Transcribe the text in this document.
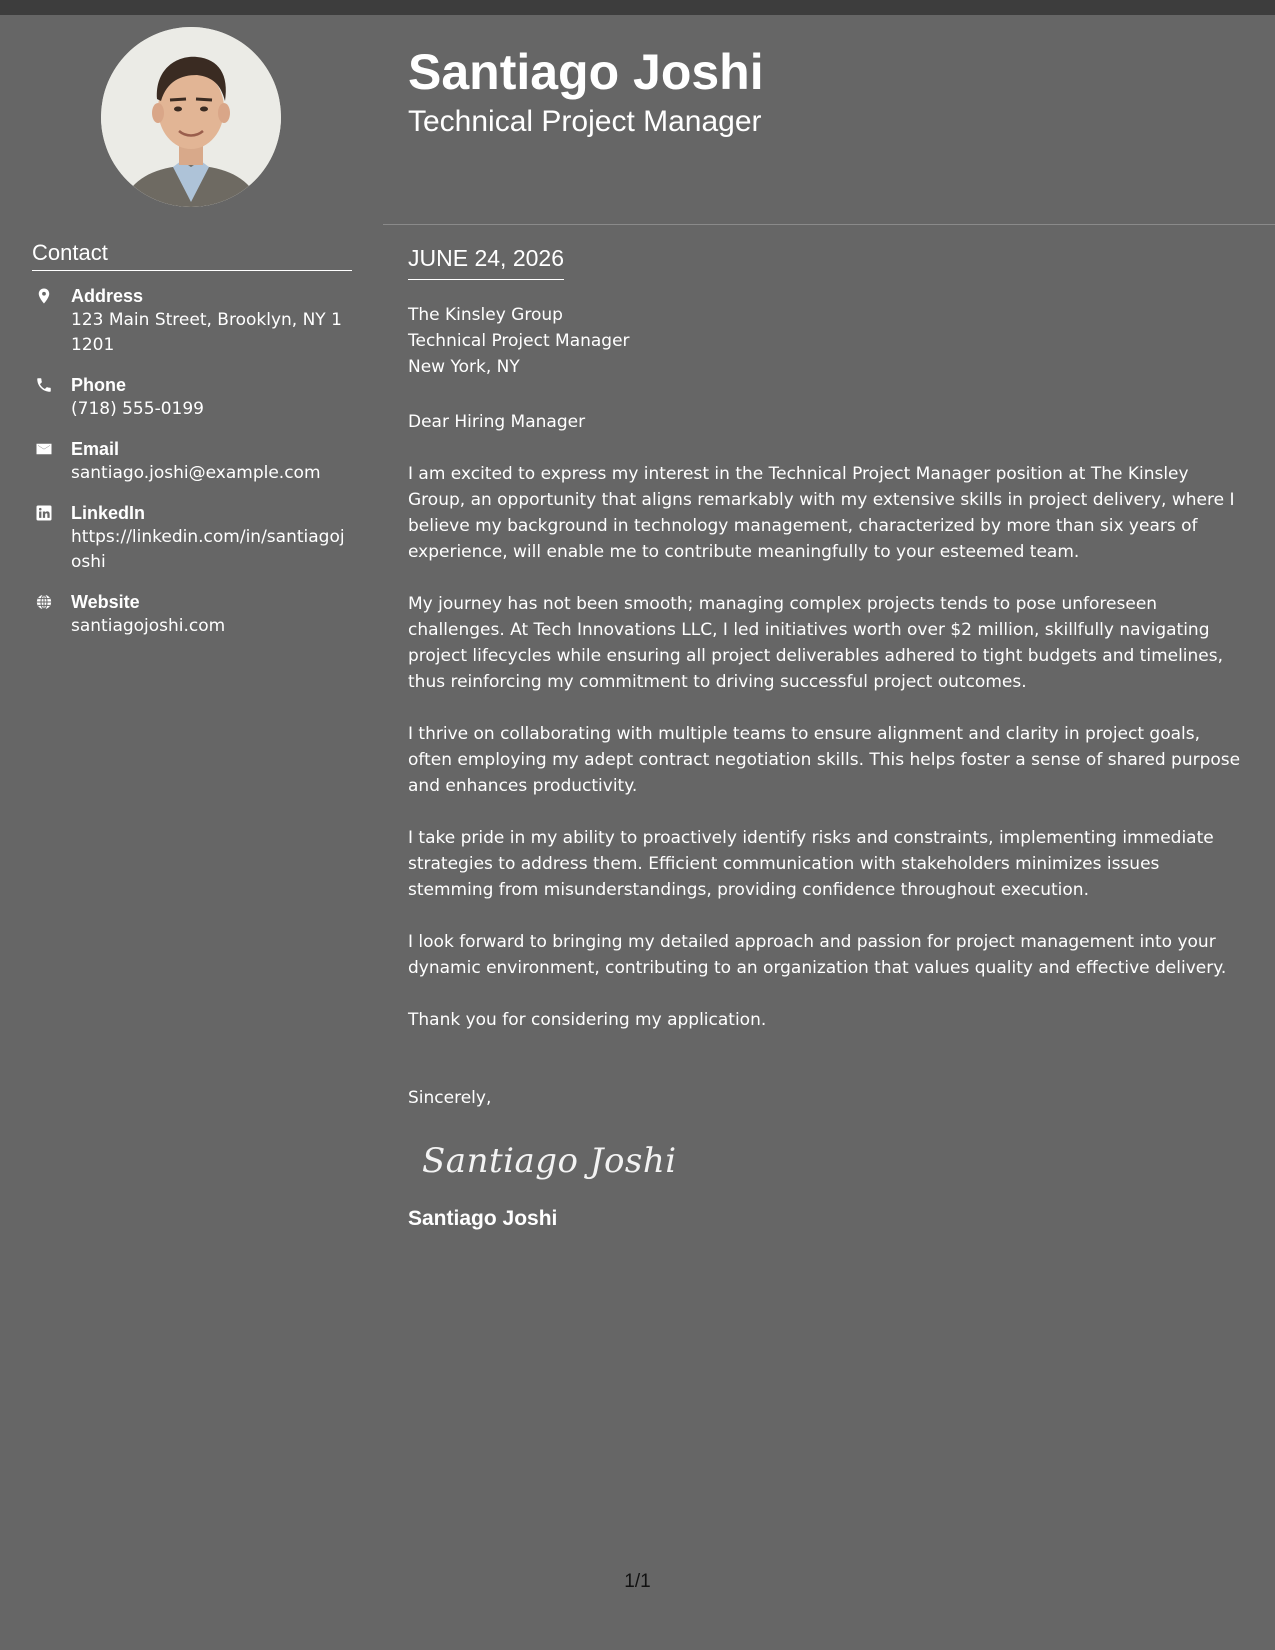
Contact
Address
123 Main Street, Brooklyn, NY 11201
Phone
(718) 555-0199
Email
santiago.joshi@example.com
LinkedIn
https://linkedin.com/in/santiagojoshi
Website
santiagojoshi.com
Santiago Joshi
Technical Project Manager
JUNE 24, 2026
The Kinsley Group
Technical Project Manager
New York, NY
Dear Hiring Manager
I am excited to express my interest in the Technical Project Manager position at The Kinsley Group, an opportunity that aligns remarkably with my extensive skills in project delivery, where I believe my background in technology management, characterized by more than six years of experience, will enable me to contribute meaningfully to your esteemed team.
My journey has not been smooth; managing complex projects tends to pose unforeseen challenges. At Tech Innovations LLC, I led initiatives worth over $2 million, skillfully navigating project lifecycles while ensuring all project deliverables adhered to tight budgets and timelines, thus reinforcing my commitment to driving successful project outcomes.
I thrive on collaborating with multiple teams to ensure alignment and clarity in project goals, often employing my adept contract negotiation skills. This helps foster a sense of shared purpose and enhances productivity.
I take pride in my ability to proactively identify risks and constraints, implementing immediate strategies to address them. Efficient communication with stakeholders minimizes issues stemming from misunderstandings, providing confidence throughout execution.
I look forward to bringing my detailed approach and passion for project management into your dynamic environment, contributing to an organization that values quality and effective delivery.
Thank you for considering my application.
Sincerely,
Santiago Joshi
Santiago Joshi
1/1
